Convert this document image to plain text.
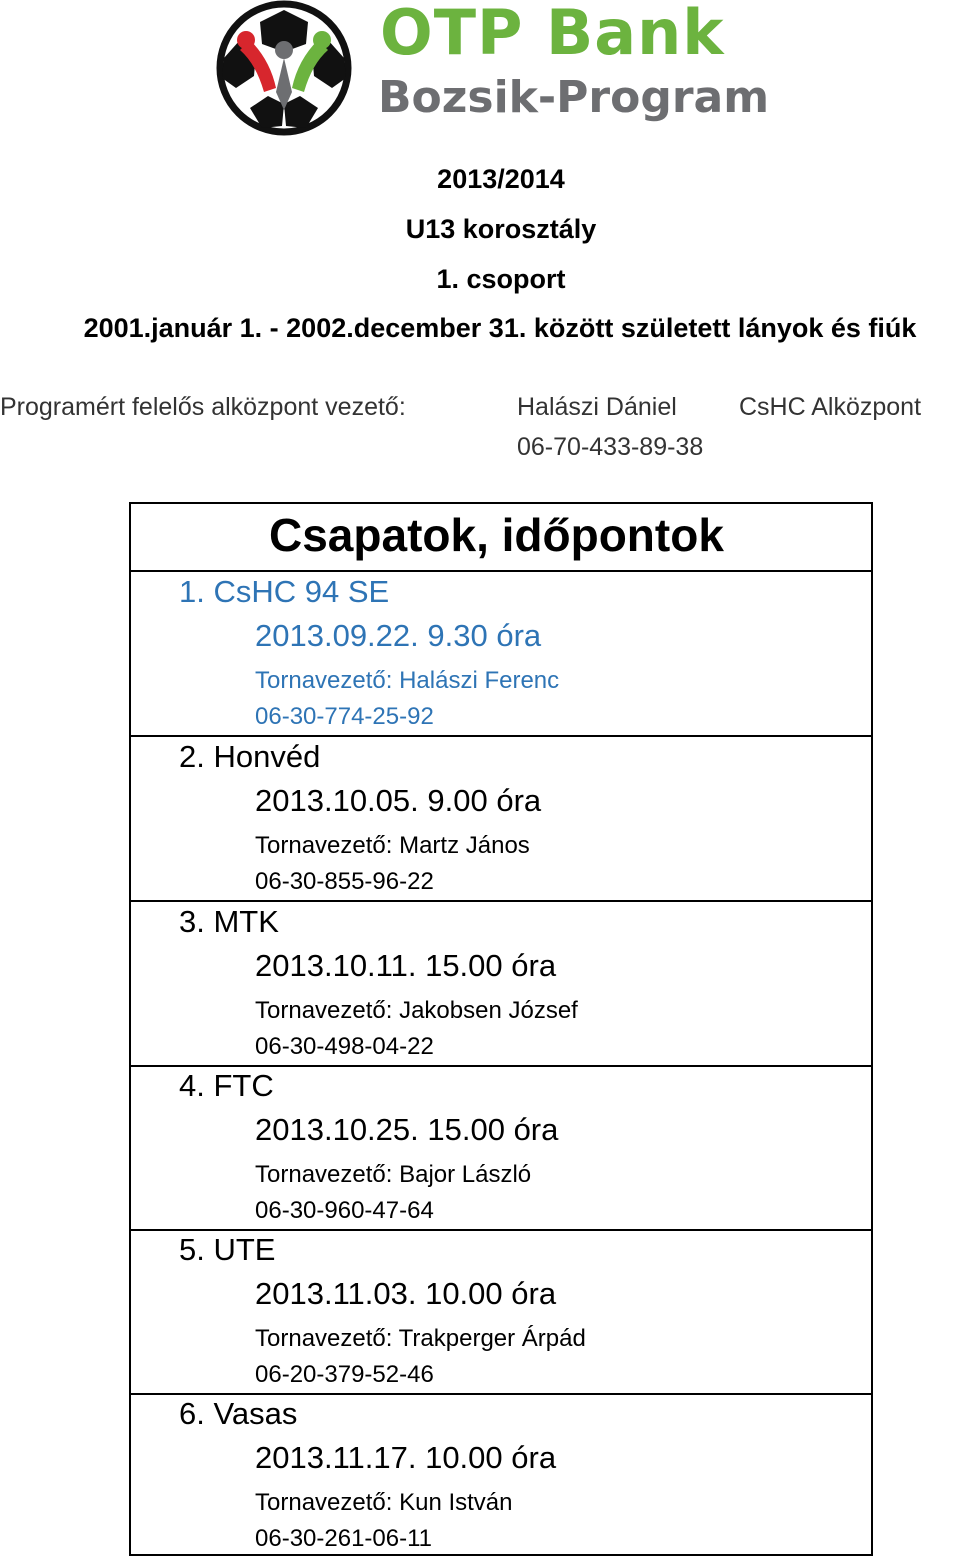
OTP Bank
Bozsik-Program
2013/2014
U13 korosztály
1. csoport
2001.január 1. - 2002.december 31. között született lányok és fiúk
Programért felelős alközpont vezető:	Halászi Dániel CsHC Alközpont
06-70-433-89-38
Csapatok, időpontok
1. CsHC 94 SE
2013.09.22. 9.30 óra
Tornavezető: Halászi Ferenc
06-30-774-25-92
2. Honvéd
2013.10.05. 9.00 óra
Tornavezető: Martz János
06-30-855-96-22
3. MTK
2013.10.11. 15.00 óra
Tornavezető: Jakobsen József
06-30-498-04-22
4. FTC
2013.10.25. 15.00 óra
Tornavezető: Bajor László
06-30-960-47-64
5. UTE
2013.11.03. 10.00 óra
Tornavezető: Trakperger Árpád
06-20-379-52-46
6. Vasas
2013.11.17. 10.00 óra
Tornavezető: Kun István
06-30-261-06-11
